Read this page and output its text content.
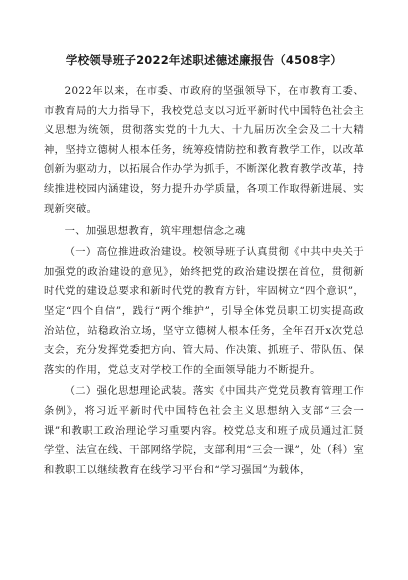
学校领导班子2022年述职述德述廉报告（4508字）

2022年以来，在市委、市政府的坚强领导下，在市教育工委、市教育局的大力指导下，我校党总支以习近平新时代中国特色社会主义思想为统领，贯彻落实党的十九大、十九届历次全会及二十大精神，坚持立德树人根本任务，统筹疫情防控和教育教学工作，以改革创新为驱动力，以拓展合作办学为抓手，不断深化教育教学改革，持续推进校园内涵建设，努力提升办学质量，各项工作取得新进展、实现新突破。

一、加强思想教育，筑牢理想信念之魂

（一）高位推进政治建设。校领导班子认真贯彻《中共中央关于加强党的政治建设的意见》，始终把党的政治建设摆在首位，贯彻新时代党的建设总要求和新时代党的教育方针，牢固树立“四个意识”，坚定“四个自信”，践行“两个维护”，引导全体党员职工切实提高政治站位，站稳政治立场，坚守立德树人根本任务，全年召开x次党总支会，充分发挥党委把方向、管大局、作决策、抓班子、带队伍、保落实的作用，党总支对学校工作的全面领导能力不断提升。

（二）强化思想理论武装。落实《中国共产党党员教育管理工作条例》，将习近平新时代中国特色社会主义思想纳入支部“三会一课”和教职工政治理论学习重要内容。校党总支和班子成员通过汇贤学堂、法宣在线、干部网络学院，支部利用“三会一课”，处（科）室和教职工以继续教育在线学习平台和“学习强国”为载体，
